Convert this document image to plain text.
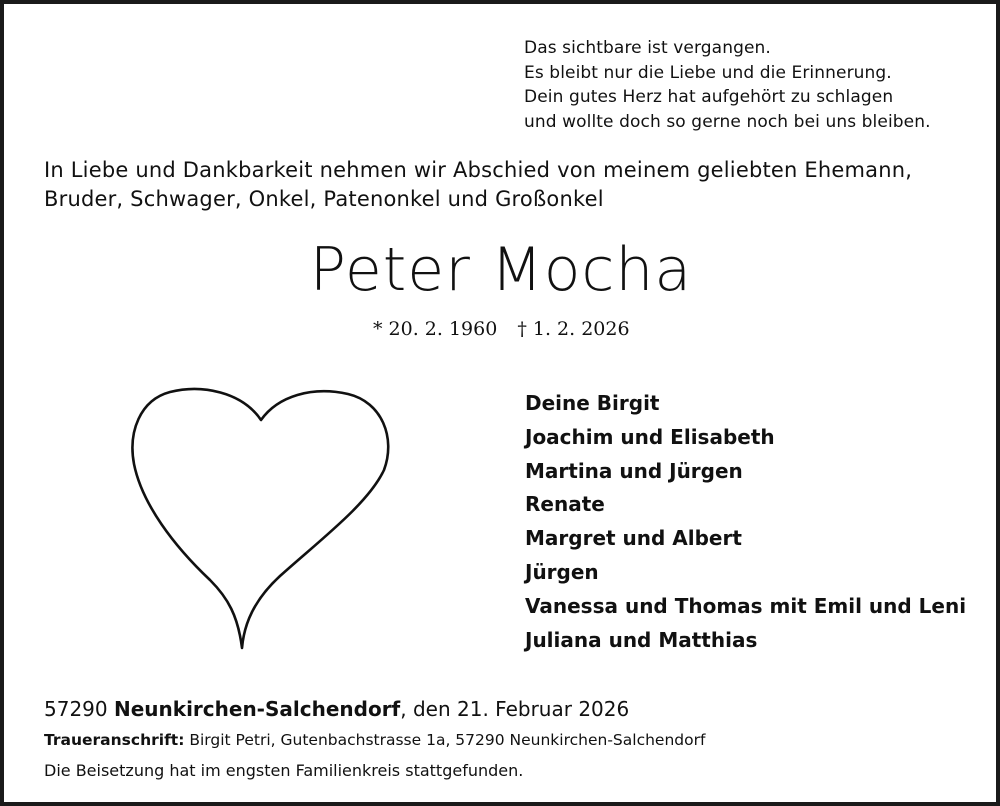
Das sichtbare ist vergangen.
Es bleibt nur die Liebe und die Erinnerung.
Dein gutes Herz hat aufgehört zu schlagen
und wollte doch so gerne noch bei uns bleiben.
In Liebe und Dankbarkeit nehmen wir Abschied von meinem geliebten Ehemann,
Bruder, Schwager, Onkel, Patenonkel und Großonkel
Peter Mocha
* 20. 2. 1960 † 1. 2. 2026
Deine Birgit
Joachim und Elisabeth
Martina und Jürgen
Renate
Margret und Albert
Jürgen
Vanessa und Thomas mit Emil und Leni
Juliana und Matthias
57290 Neunkirchen-Salchendorf, den 21. Februar 2026
Traueranschrift: Birgit Petri, Gutenbachstrasse 1a, 57290 Neunkirchen-Salchendorf
Die Beisetzung hat im engsten Familienkreis stattgefunden.
